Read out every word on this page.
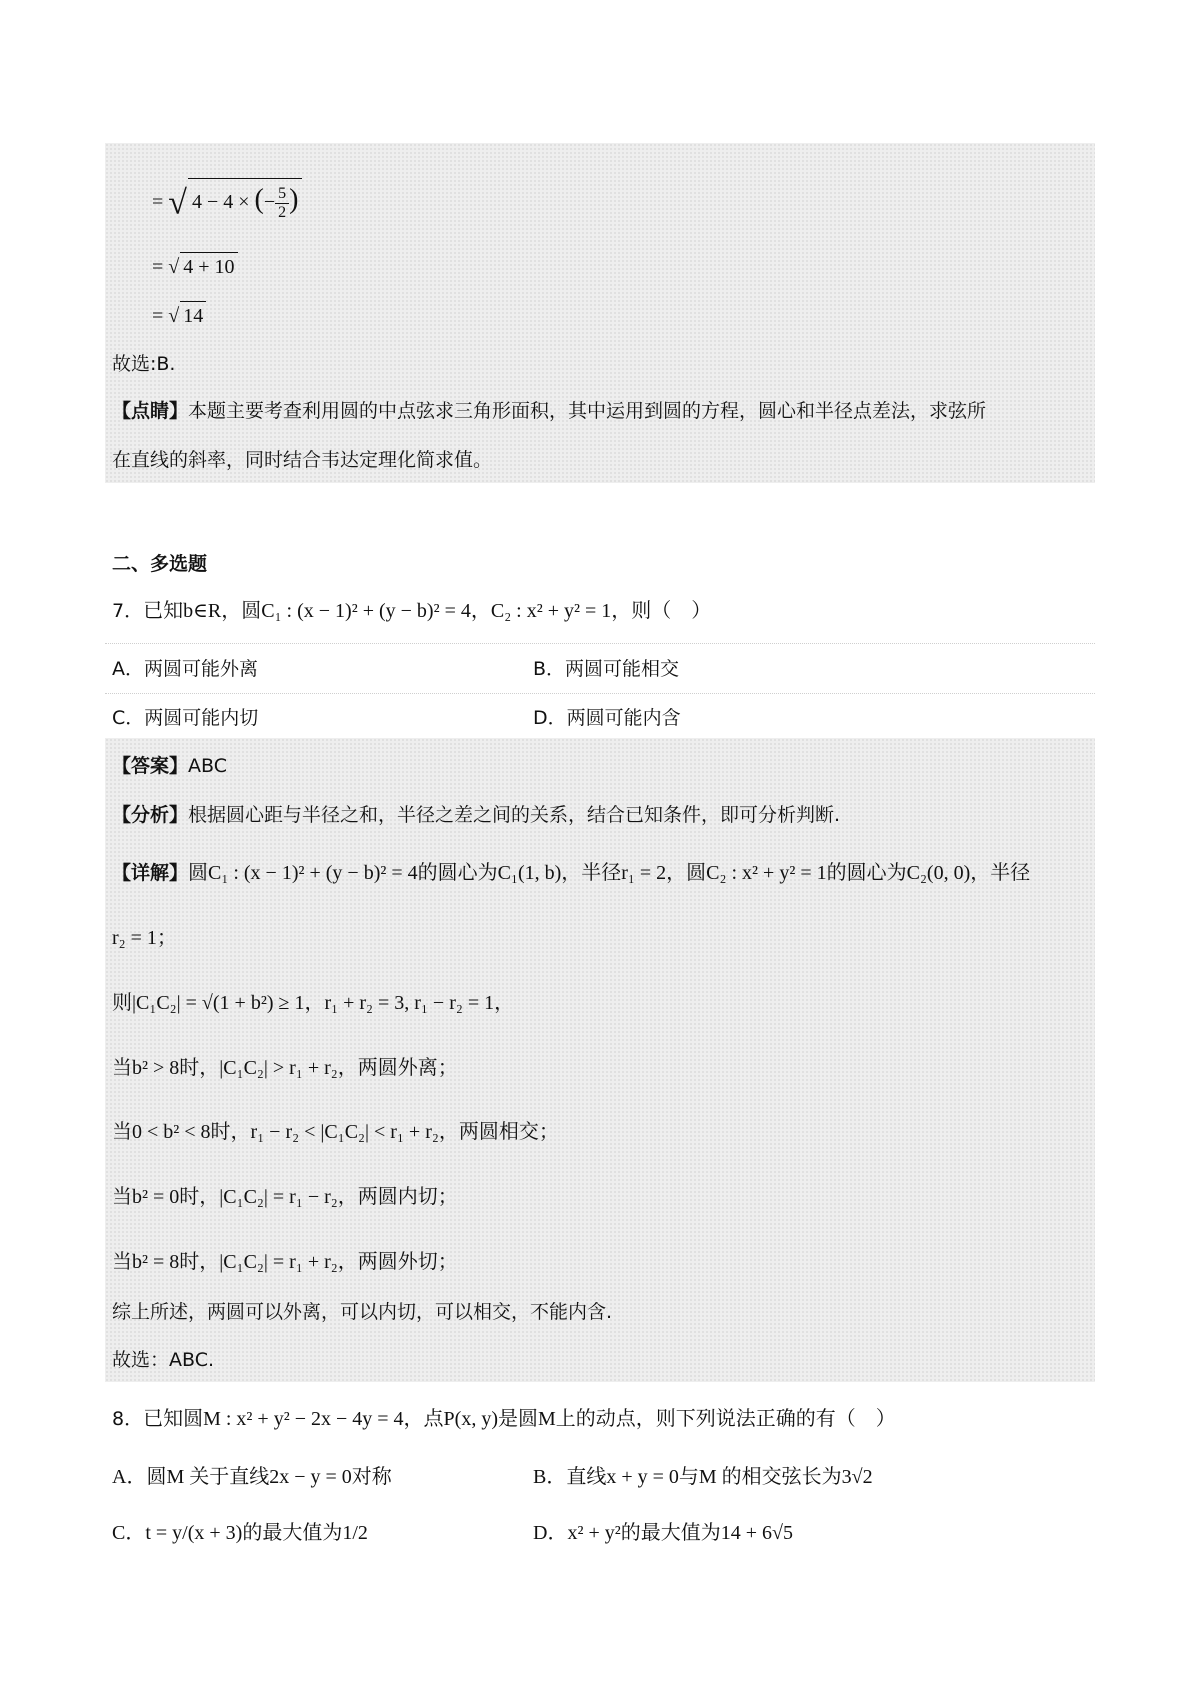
= √ 4 − 4 × (− $\frac{5}{2}$ )
= √ 4 + 10
= √ 14
故选:B.
【点睛】本题主要考查利用圆的中点弦求三角形面积，其中运用到圆的方程，圆心和半径点差法，求弦所
在直线的斜率，同时结合韦达定理化简求值。
二、多选题
7．已知b∈R，圆C₁ : (x − 1)² + (y − b)² = 4，C₂ : x² + y² = 1，则（　）
A．两圆可能外离	B．两圆可能相交
C．两圆可能内切	D．两圆可能内含
【答案】ABC
【分析】根据圆心距与半径之和，半径之差之间的关系，结合已知条件，即可分析判断.
【详解】圆C₁ : (x − 1)² + (y − b)² = 4的圆心为C₁(1, b)，半径r₁ = 2，圆C₂ : x² + y² = 1的圆心为C₂(0, 0)，半径
r₂ = 1；
则|C₁C₂| = √(1 + b²) ≥ 1，r₁ + r₂ = 3, r₁ − r₂ = 1，
当b² > 8时，|C₁C₂| > r₁ + r₂，两圆外离；
当0 < b² < 8时，r₁ − r₂ < |C₁C₂| < r₁ + r₂，两圆相交；
当b² = 0时，|C₁C₂| = r₁ − r₂，两圆内切；
当b² = 8时，|C₁C₂| = r₁ + r₂，两圆外切；
综上所述，两圆可以外离，可以内切，可以相交，不能内含.
故选：ABC.
8．已知圆M : x² + y² − 2x − 4y = 4，点P(x, y)是圆M上的动点，则下列说法正确的有（　）
A．圆M 关于直线2x − y = 0对称	B．直线x + y = 0与M 的相交弦长为3√2
C．t = y/(x + 3)的最大值为1/2	D．x² + y²的最大值为14 + 6√5
